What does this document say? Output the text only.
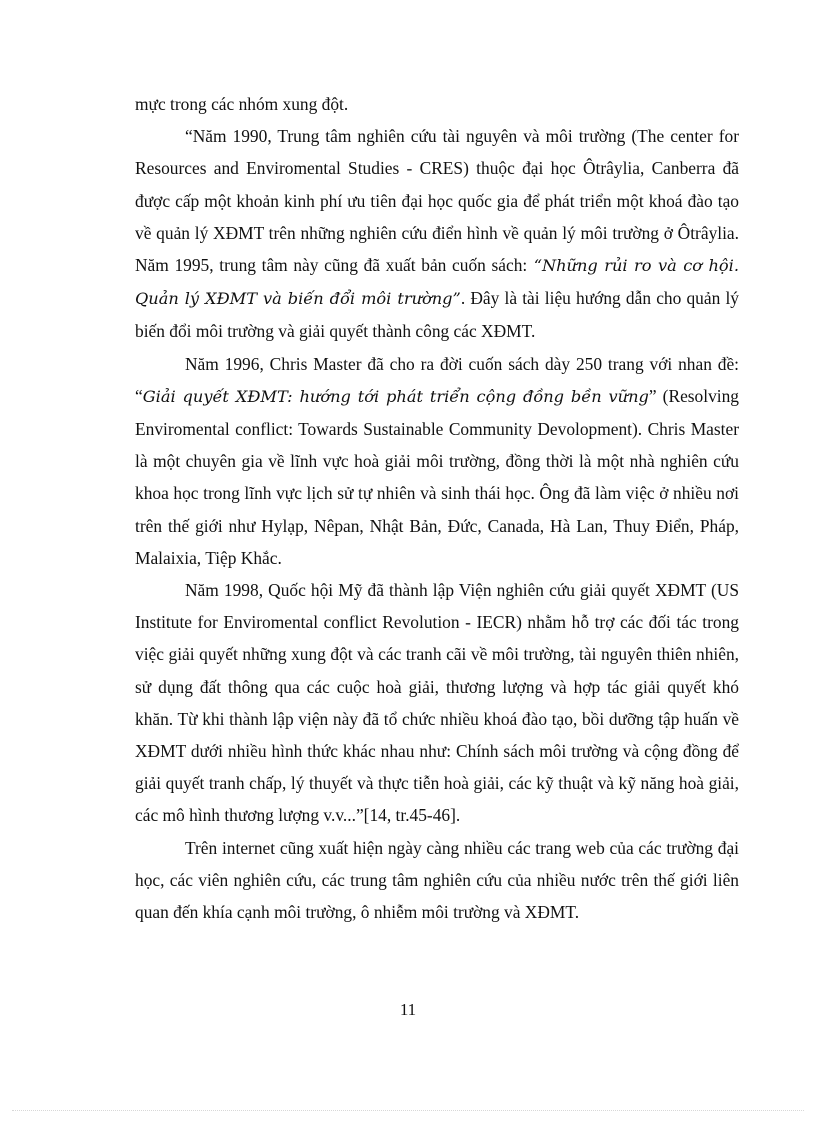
mực trong các nhóm xung đột.

“Năm 1990, Trung tâm nghiên cứu tài nguyên và môi trường (The center for Resources and Enviromental Studies - CRES) thuộc đại học Ôtrâylia, Canberra đã được cấp một khoản kinh phí ưu tiên đại học quốc gia để phát triển một khoá đào tạo về quản lý XĐMT trên những nghiên cứu điển hình về quản lý môi trường ở Ôtrâylia. Năm 1995, trung tâm này cũng đã xuất bản cuốn sách: “Những rủi ro và cơ hội. Quản lý XĐMT và biến đổi môi trường”. Đây là tài liệu hướng dẫn cho quản lý biến đổi môi trường và giải quyết thành công các XĐMT.

Năm 1996, Chris Master đã cho ra đời cuốn sách dày 250 trang với nhan đề: “Giải quyết XĐMT: hướng tới phát triển cộng đồng bền vững” (Resolving Enviromental conflict: Towards Sustainable Community Devolopment). Chris Master là một chuyên gia về lĩnh vực hoà giải môi trường, đồng thời là một nhà nghiên cứu khoa học trong lĩnh vực lịch sử tự nhiên và sinh thái học. Ông đã làm việc ở nhiều nơi trên thế giới như Hylạp, Nêpan, Nhật Bản, Đức, Canada, Hà Lan, Thuy Điển, Pháp, Malaixia, Tiệp Khắc.

Năm 1998, Quốc hội Mỹ đã thành lập Viện nghiên cứu giải quyết XĐMT (US Institute for Enviromental conflict Revolution - IECR) nhằm hỗ trợ các đối tác trong việc giải quyết những xung đột và các tranh cãi về môi trường, tài nguyên thiên nhiên, sử dụng đất thông qua các cuộc hoà giải, thương lượng và hợp tác giải quyết khó khăn. Từ khi thành lập viện này đã tổ chức nhiều khoá đào tạo, bồi dưỡng tập huấn về XĐMT dưới nhiều hình thức khác nhau như: Chính sách môi trường và cộng đồng để giải quyết tranh chấp, lý thuyết và thực tiễn hoà giải, các kỹ thuật và kỹ năng hoà giải, các mô hình thương lượng v.v...”[14, tr.45-46].

Trên internet cũng xuất hiện ngày càng nhiều các trang web của các trường đại học, các viên nghiên cứu, các trung tâm nghiên cứu của nhiều nước trên thế giới liên quan đến khía cạnh môi trường, ô nhiễm môi trường và XĐMT.

11
